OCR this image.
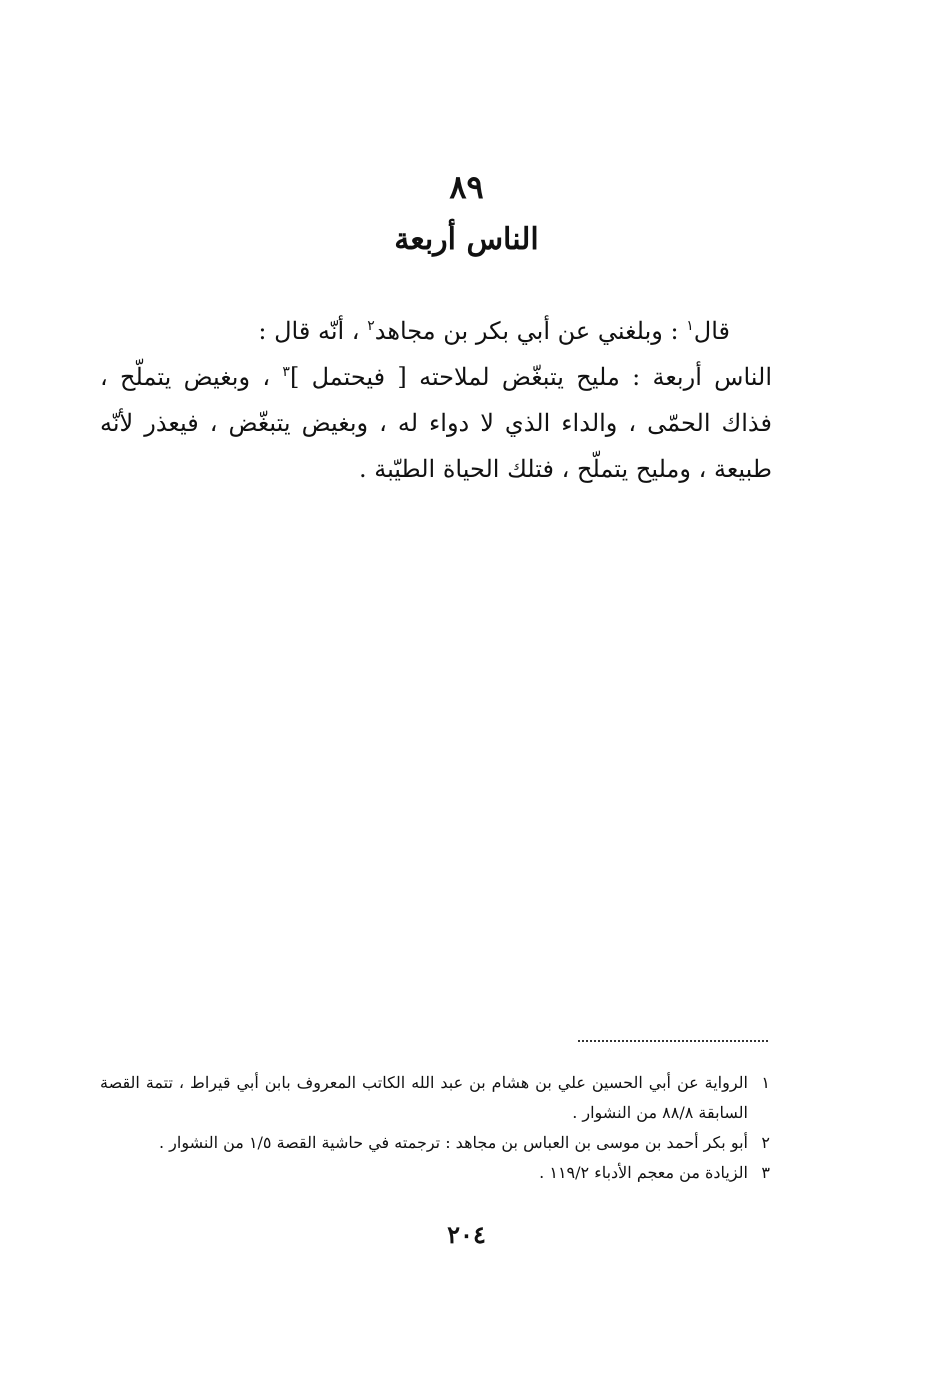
٨٩
الناس أربعة

قال$^١$ : وبلغني عن أبي بكر بن مجاهد$^٢$ ، أنّه قال :

الناس أربعة : مليح يتبغّض لملاحته [ فيحتمل ]$^٣$ ، وبغيض يتملّح ، فذاك الحمّى ، والداء الذي لا دواء له ، وبغيض يتبغّض ، فيعذر لأنّه طبيعة ، ومليح يتملّح ، فتلك الحياة الطيّبة .

١
الرواية عن أبي الحسين علي بن هشام بن عبد الله الكاتب المعروف بابن أبي قيراط ، تتمة القصة السابقة ٨٨/٨ من النشوار .

٢
أبو بكر أحمد بن موسى بن العباس بن مجاهد : ترجمته في حاشية القصة ١/٥ من النشوار .

٣
الزيادة من معجم الأدباء ١١٩/٢ .

٢٠٤
